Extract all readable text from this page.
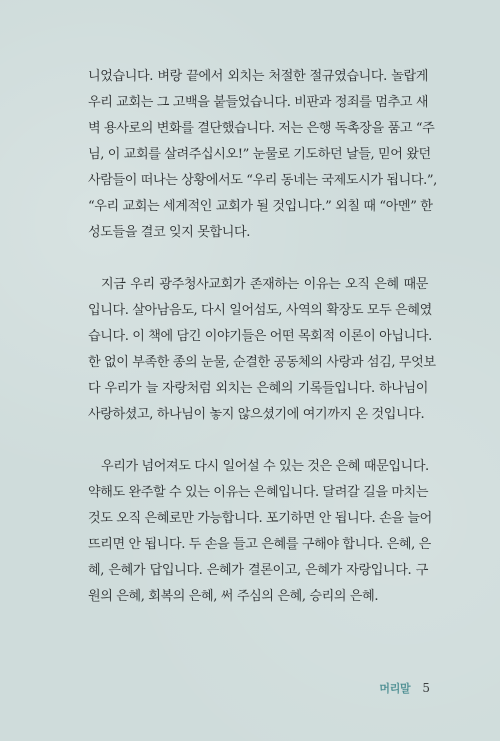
니었습니다. 벼랑 끝에서 외치는 처절한 절규였습니다. 놀랍게
우리 교회는 그 고백을 붙들었습니다. 비판과 정죄를 멈추고 새
벽 용사로의 변화를 결단했습니다. 저는 은행 독촉장을 품고 “주
님, 이 교회를 살려주십시오!” 눈물로 기도하던 날들, 믿어 왔던
사람들이 떠나는 상황에서도 “우리 동네는 국제도시가 됩니다.”,
“우리 교회는 세계적인 교회가 될 것입니다.” 외칠 때 “아멘” 한
성도들을 결코 잊지 못합니다.
지금 우리 광주청사교회가 존재하는 이유는 오직 은혜 때문
입니다. 살아남음도, 다시 일어섬도, 사역의 확장도 모두 은혜였
습니다. 이 책에 담긴 이야기들은 어떤 목회적 이론이 아닙니다.
한 없이 부족한 종의 눈물, 순결한 공동체의 사랑과 섬김, 무엇보
다 우리가 늘 자랑처럼 외치는 은혜의 기록들입니다. 하나님이
사랑하셨고, 하나님이 놓지 않으셨기에 여기까지 온 것입니다.
우리가 넘어져도 다시 일어설 수 있는 것은 은혜 때문입니다.
약해도 완주할 수 있는 이유는 은혜입니다. 달려갈 길을 마치는
것도 오직 은혜로만 가능합니다. 포기하면 안 됩니다. 손을 늘어
뜨리면 안 됩니다. 두 손을 들고 은혜를 구해야 합니다. 은혜, 은
혜, 은혜가 답입니다. 은혜가 결론이고, 은혜가 자랑입니다. 구
원의 은혜, 회복의 은혜, 써 주심의 은혜, 승리의 은혜.
머리말 5
